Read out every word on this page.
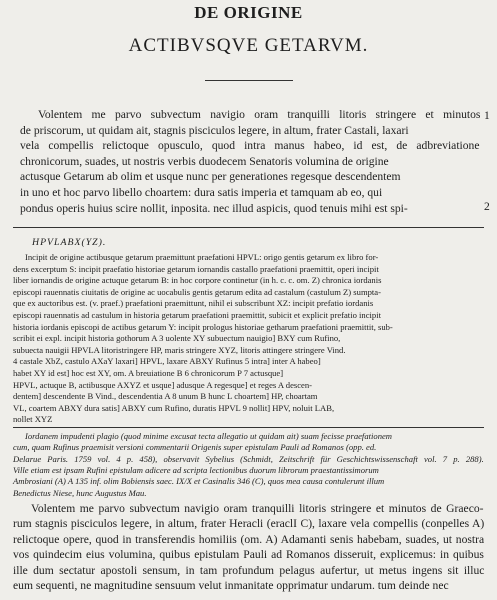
DE ORIGINE
ACTIBVSQVE GETARVM.
1
2
Volentem me parvo subvectum navigio oram tranquilli litoris stringere et minutos
de priscorum, ut quidam ait, stagnis pisciculos legere, in altum, frater Castali, laxari
vela compellis relictoque opusculo, quod intra manus habeo, id est, de adbreviatione
chronicorum, suades, ut nostris verbis duodecem Senatoris volumina de origine
actusque Getarum ab olim et usque nunc per generationes regesque descendentem
in uno et hoc parvo libello choartem: dura satis imperia et tamquam ab eo, qui
pondus operis huius scire nollit, inposita. nec illud aspicis, quod tenuis mihi est spi-
HPVLABX(YZ).
Incipit de origine actibusque getarum praemittunt praefationi HPVL: origo gentis getarum ex libro for-
dens excerptum S: incipit praefatio historiae getarum iornandis castallo praefationi praemittit, operi incipit
liber iornandis de origine actuque getarum B: in hoc corpore continetur (in h. c. c. om. Z) chronica iordanis
episcopi rauennatis ciuitatis de origine ac uocabulis gentis getarum edita ad castalum (castulum Z) sumpta-
que ex auctoribus est. (v. praef.) praefationi praemittunt, nihil ei subscribunt XZ: incipit prefatio iordanis
episcopi rauennatis ad castulum in historia getarum praefationi praemittit, subicit et explicit prefatio incipit
historia iordanis episcopi de actibus getarum Y: incipit prologus historiae getharum praefationi praemittit, sub-
scribit ei expl. incipit historia gothorum A 3 uolente XY subuectum nauigio] BXY cum Rufino,
subuecta nauigii HPVLA litoristringere HP, maris stringere XYZ, litoris attingere stringere Vind.
4 castale XbZ, castulo AXaY laxari] HPVL, laxare ABXY Rufinus 5 intra] inter A habeo]
habet XY id est] hoc est XY, om. A breuiatione B 6 chronicorum P 7 actusque]
HPVL, actuque B, actibusque AXYZ et usque] adusque A regesque] et reges A descen-
dentem] descendente B Vind., descendentia A 8 unum B hunc L choartem] HP, choartam
VL, coartem ABXY dura satis] ABXY cum Rufino, duratis HPVL 9 nollit] HPV, noluit LAB,
nollet XYZ
Iordanem impudenti plagio (quod minime excusat tecta allegatio ut quidam ait) suam fecisse praefationem
cum, quam Rufinus praemisit versioni commentarii Origenis super epistulam Pauli ad Romanos (opp. ed.
Delarue Paris. 1759 vol. 4 p. 458), observavit Sybelius (Schmidt, Zeitschrift für Geschichtswissenschaft vol. 7 p. 288).
Ville etiam est ipsam Rufini epistulam adicere ad scripta lectionibus duorum librorum praestantissimorum
Ambrosiani (A) A 135 inf. olim Bobiensis saec. IX/X et Casinalis 346 (C), quos mea causa contulerunt illum
Benedictus Niese, hunc Augustus Mau.
Volentem me parvo subvectum navigio oram tranquilli litoris stringere et minutos de Graeco-
rum stagnis pisciculos legere, in altum, frater Heracli (eraclI C), laxare vela compellis (conpelles A)
relictoque opere, quod in transferendis homiliis (om. A) Adamanti senis habebam, suades, ut nostra
vos quindecim eius volumina, quibus epistulam Pauli ad Romanos disseruit, explicemus: in quibus
ille dum sectatur apostoli sensum, in tam profundum pelagus aufertur, ut metus ingens sit illuc
eum sequenti, ne magnitudine sensuum velut inmanitate opprimatur undarum. tum deinde nec
